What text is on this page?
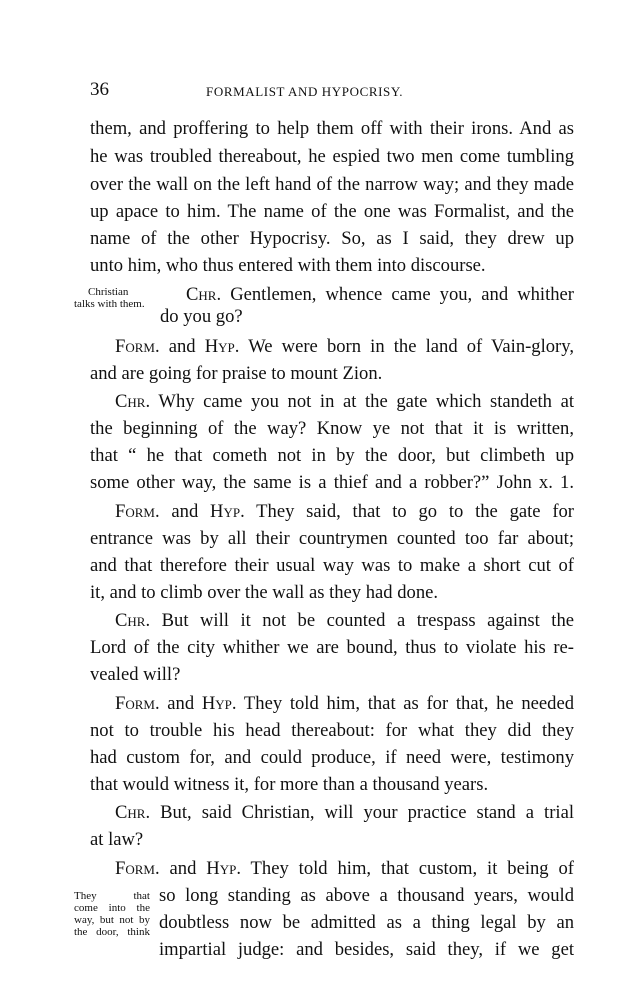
36	FORMALIST AND HYPOCRISY.
them, and proffering to help them off with their irons. And as
he was troubled thereabout, he espied two men come tumbling
over the wall on the left hand of the narrow way; and they made
up apace to him. The name of the one was Formalist, and the
name of the other Hypocrisy. So, as I said, they drew up
unto him, who thus entered with them into discourse.
Chr. Gentlemen, whence came you, and whither
do you go?
Form. and Hyp. We were born in the land of Vain-glory,
and are going for praise to mount Zion.
Chr. Why came you not in at the gate which standeth at
the beginning of the way? Know ye not that it is written,
that “ he that cometh not in by the door, but climbeth up
some other way, the same is a thief and a robber?” John x. 1.
Form. and Hyp. They said, that to go to the gate for
entrance was by all their countrymen counted too far about;
and that therefore their usual way was to make a short cut of
it, and to climb over the wall as they had done.
Chr. But will it not be counted a trespass against the
Lord of the city whither we are bound, thus to violate his re-
vealed will?
Form. and Hyp. They told him, that as for that, he needed
not to trouble his head thereabout: for what they did they
had custom for, and could produce, if need were, testimony
that would witness it, for more than a thousand years.
Chr. But, said Christian, will your practice stand a trial
at law?
Form. and Hyp. They told him, that custom, it being of
so long standing as above a thousand years, would
doubtless now be admitted as a thing legal by an
impartial judge: and besides, said they, if we get
Christian
talks with them.
They that
come into the
way, but not by
the door, think
